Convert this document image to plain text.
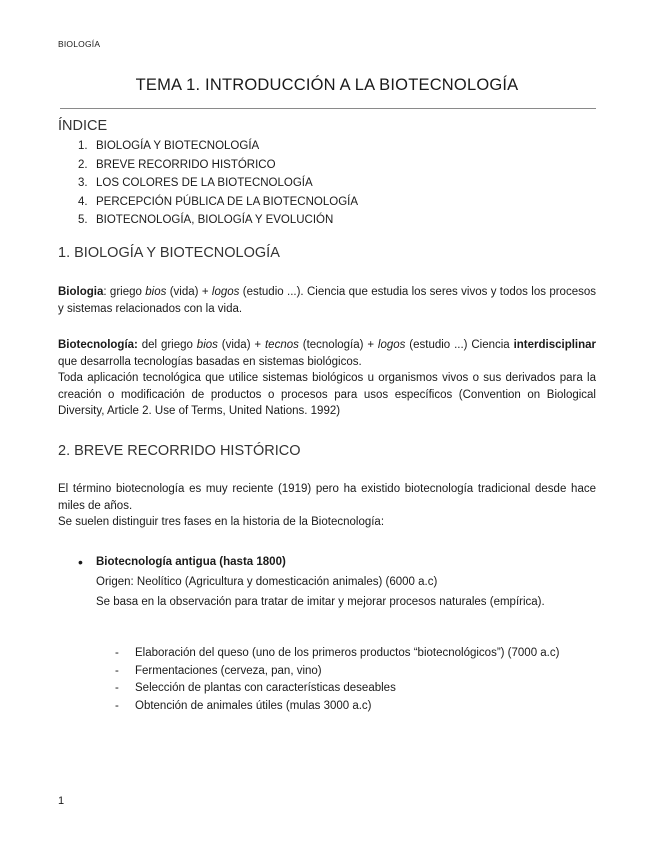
BIOLOGÍA
TEMA 1. INTRODUCCIÓN A LA BIOTECNOLOGÍA
ÍNDICE
1. BIOLOGÍA Y BIOTECNOLOGÍA
2. BREVE RECORRIDO HISTÓRICO
3. LOS COLORES DE LA BIOTECNOLOGÍA
4. PERCEPCIÓN PÚBLICA DE LA BIOTECNOLOGÍA
5. BIOTECNOLOGÍA, BIOLOGÍA Y EVOLUCIÓN
1. BIOLOGÍA Y BIOTECNOLOGÍA

Biologia: griego bios (vida) + logos (estudio ...). Ciencia que estudia los seres vivos y todos los procesos y sistemas relacionados con la vida.

Biotecnología: del griego bios (vida) + tecnos (tecnología) + logos (estudio ...) Ciencia interdisciplinar que desarrolla tecnologías basadas en sistemas biológicos.

Toda aplicación tecnológica que utilice sistemas biológicos u organismos vivos o sus derivados para la creación o modificación de productos o procesos para usos específicos (Convention on Biological Diversity, Article 2. Use of Terms, United Nations. 1992)

2. BREVE RECORRIDO HISTÓRICO

El término biotecnología es muy reciente (1919) pero ha existido biotecnología tradicional desde hace miles de años.

Se suelen distinguir tres fases en la historia de la Biotecnología:

• Biotecnología antigua (hasta 1800)

Origen: Neolítico (Agricultura y domesticación animales) (6000 a.c)

Se basa en la observación para tratar de imitar y mejorar procesos naturales (empírica).

- Elaboración del queso (uno de los primeros productos “biotecnológicos”) (7000 a.c)
- Fermentaciones (cerveza, pan, vino)
- Selección de plantas con características deseables
- Obtención de animales útiles (mulas 3000 a.c)
1
